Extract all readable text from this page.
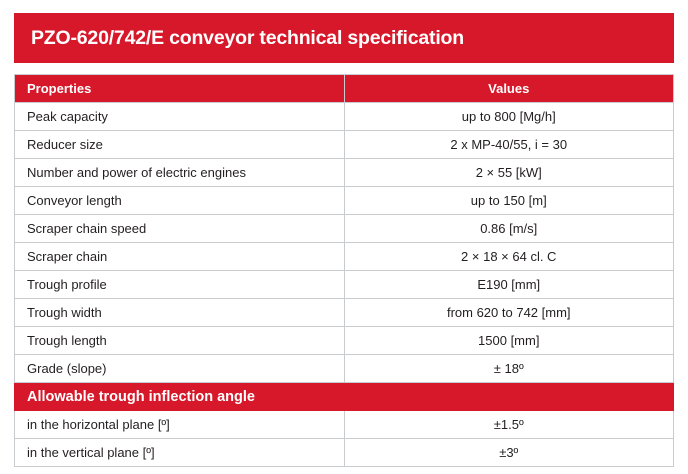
PZO-620/742/E conveyor technical specification
Properties	Values
Peak capacity	up to 800 [Mg/h]
Reducer size	2 x MP-40/55, i = 30
Number and power of electric engines	2 × 55 [kW]
Conveyor length	up to 150 [m]
Scraper chain speed	0.86 [m/s]
Scraper chain	2 × 18 × 64 cl. C
Trough profile	E190 [mm]
Trough width	from 620 to 742 [mm]
Trough length	1500 [mm]
Grade (slope)	± 18º
Allowable trough inflection angle	
in the horizontal plane [º]	±1.5º
in the vertical plane [º]	±3º
